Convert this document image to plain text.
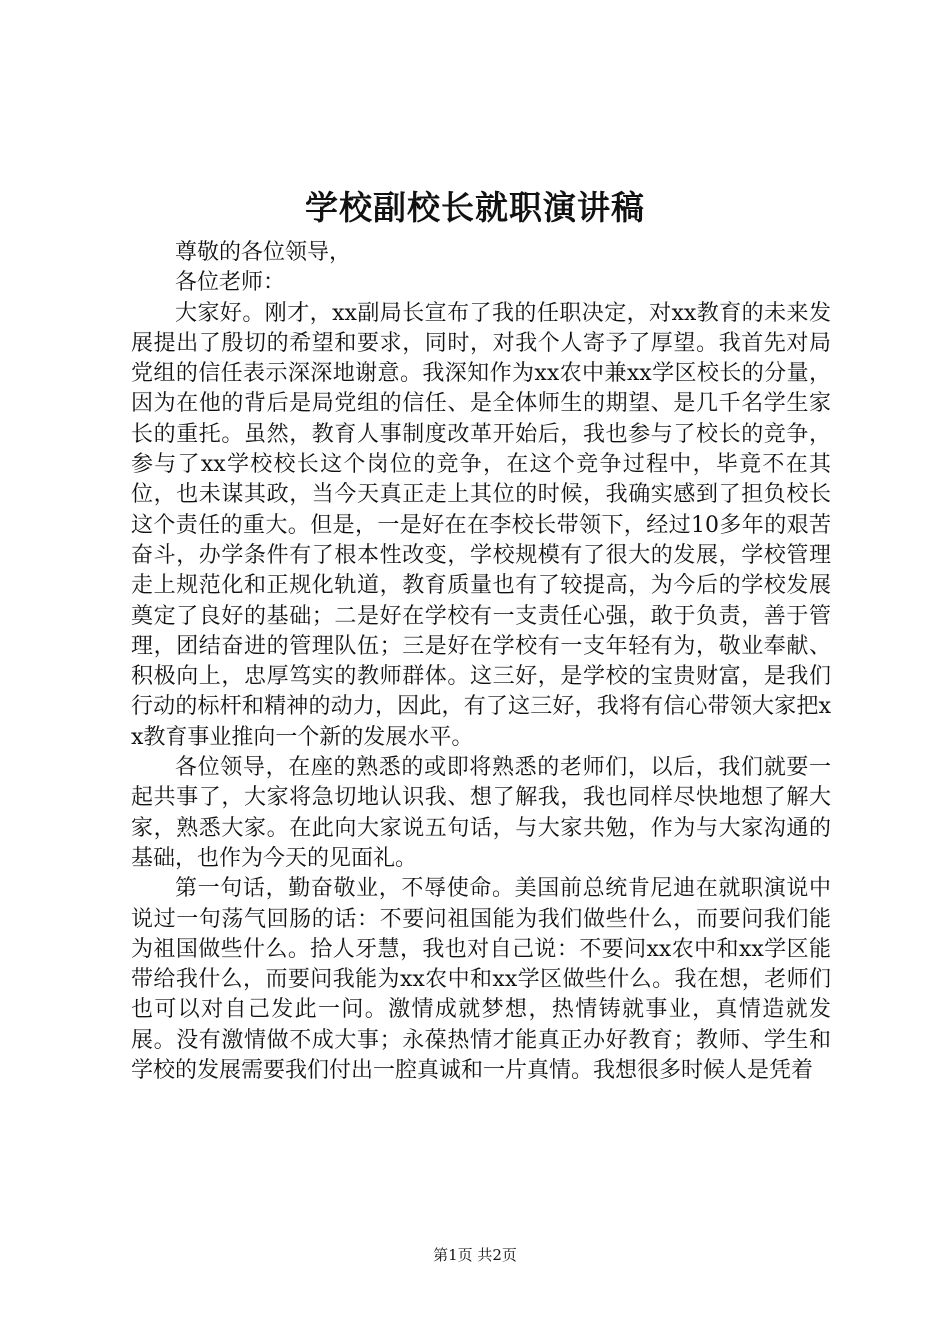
学校副校长就职演讲稿

尊敬的各位领导，

各位老师：

大家好。刚才，xx副局长宣布了我的任职决定，对xx教育的未来发展提出了殷切的希望和要求，同时，对我个人寄予了厚望。我首先对局党组的信任表示深深地谢意。我深知作为xx农中兼xx学区校长的分量，因为在他的背后是局党组的信任、是全体师生的期望、是几千名学生家长的重托。虽然，教育人事制度改革开始后，我也参与了校长的竞争，参与了xx学校校长这个岗位的竞争，在这个竞争过程中，毕竟不在其位，也未谋其政，当今天真正走上其位的时候，我确实感到了担负校长这个责任的重大。但是，一是好在在李校长带领下，经过10多年的艰苦奋斗，办学条件有了根本性改变，学校规模有了很大的发展，学校管理走上规范化和正规化轨道，教育质量也有了较提高，为今后的学校发展奠定了良好的基础；二是好在学校有一支责任心强，敢于负责，善于管理，团结奋进的管理队伍；三是好在学校有一支年轻有为，敬业奉献、积极向上，忠厚笃实的教师群体。这三好，是学校的宝贵财富，是我们行动的标杆和精神的动力，因此，有了这三好，我将有信心带领大家把xx教育事业推向一个新的发展水平。

各位领导，在座的熟悉的或即将熟悉的老师们，以后，我们就要一起共事了，大家将急切地认识我、想了解我，我也同样尽快地想了解大家，熟悉大家。在此向大家说五句话，与大家共勉，作为与大家沟通的基础，也作为今天的见面礼。

第一句话，勤奋敬业，不辱使命。美国前总统肯尼迪在就职演说中说过一句荡气回肠的话：不要问祖国能为我们做些什么，而要问我们能为祖国做些什么。拾人牙慧，我也对自己说：不要问xx农中和xx学区能带给我什么，而要问我能为xx农中和xx学区做些什么。我在想，老师们也可以对自己发此一问。激情成就梦想，热情铸就事业，真情造就发展。没有激情做不成大事；永葆热情才能真正办好教育；教师、学生和学校的发展需要我们付出一腔真诚和一片真情。我想很多时候人是凭着

第1页 共2页
